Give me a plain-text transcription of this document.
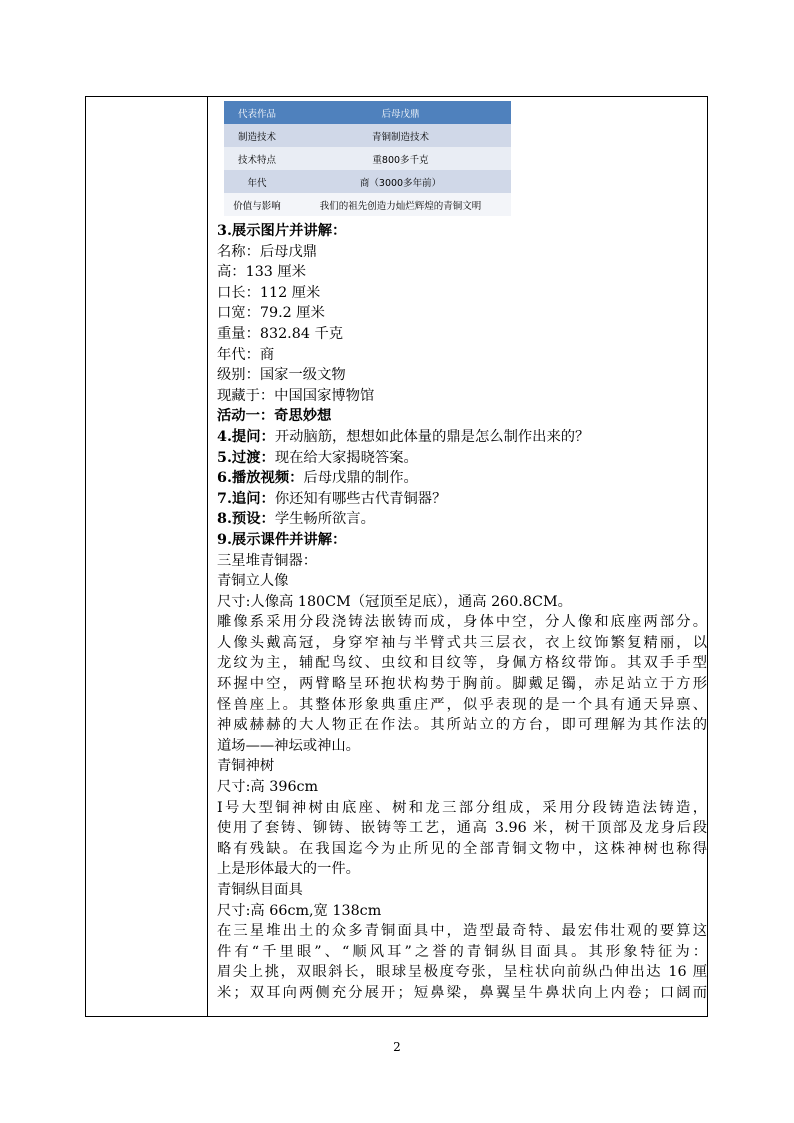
代表作品	后母戊鼎
制造技术	青铜制造技术
技术特点	重800多千克
年代	商（3000多年前）
价值与影响	我们的祖先创造力灿烂辉煌的青铜文明
3.展示图片并讲解：
名称：后母戊鼎
高：133 厘米
口长：112 厘米
口宽：79.2 厘米
重量：832.84 千克
年代：商
级别：国家一级文物
现藏于：中国国家博物馆
活动一：奇思妙想
4.提问：开动脑筋，想想如此体量的鼎是怎么制作出来的？
5.过渡：现在给大家揭晓答案。
6.播放视频：后母戊鼎的制作。
7.追问：你还知有哪些古代青铜器？
8.预设：学生畅所欲言。
9.展示课件并讲解：
三星堆青铜器：
青铜立人像
尺寸:人像高 180CM（冠顶至足底），通高 260.8CM。
雕像系采用分段浇铸法嵌铸而成，身体中空，分人像和底座两部分。
人像头戴高冠，身穿窄袖与半臂式共三层衣，衣上纹饰繁复精丽，以
龙纹为主，辅配鸟纹、虫纹和目纹等，身佩方格纹带饰。其双手手型
环握中空，两臂略呈环抱状构势于胸前。脚戴足镯，赤足站立于方形
怪兽座上。其整体形象典重庄严，似乎表现的是一个具有通天异禀、
神威赫赫的大人物正在作法。其所站立的方台，即可理解为其作法的
道场——神坛或神山。
青铜神树
尺寸:高 396cm
Ⅰ号大型铜神树由底座、树和龙三部分组成，采用分段铸造法铸造，
使用了套铸、铆铸、嵌铸等工艺，通高 3.96 米，树干顶部及龙身后段
略有残缺。在我国迄今为止所见的全部青铜文物中，这株神树也称得
上是形体最大的一件。
青铜纵目面具
尺寸:高 66cm,宽 138cm
在三星堆出土的众多青铜面具中，造型最奇特、最宏伟壮观的要算这
件有“千里眼”、“顺风耳”之誉的青铜纵目面具。其形象特征为：
眉尖上挑，双眼斜长，眼球呈极度夸张，呈柱状向前纵凸伸出达 16 厘
米；双耳向两侧充分展开；短鼻梁，鼻翼呈牛鼻状向上内卷；口阔而
2
